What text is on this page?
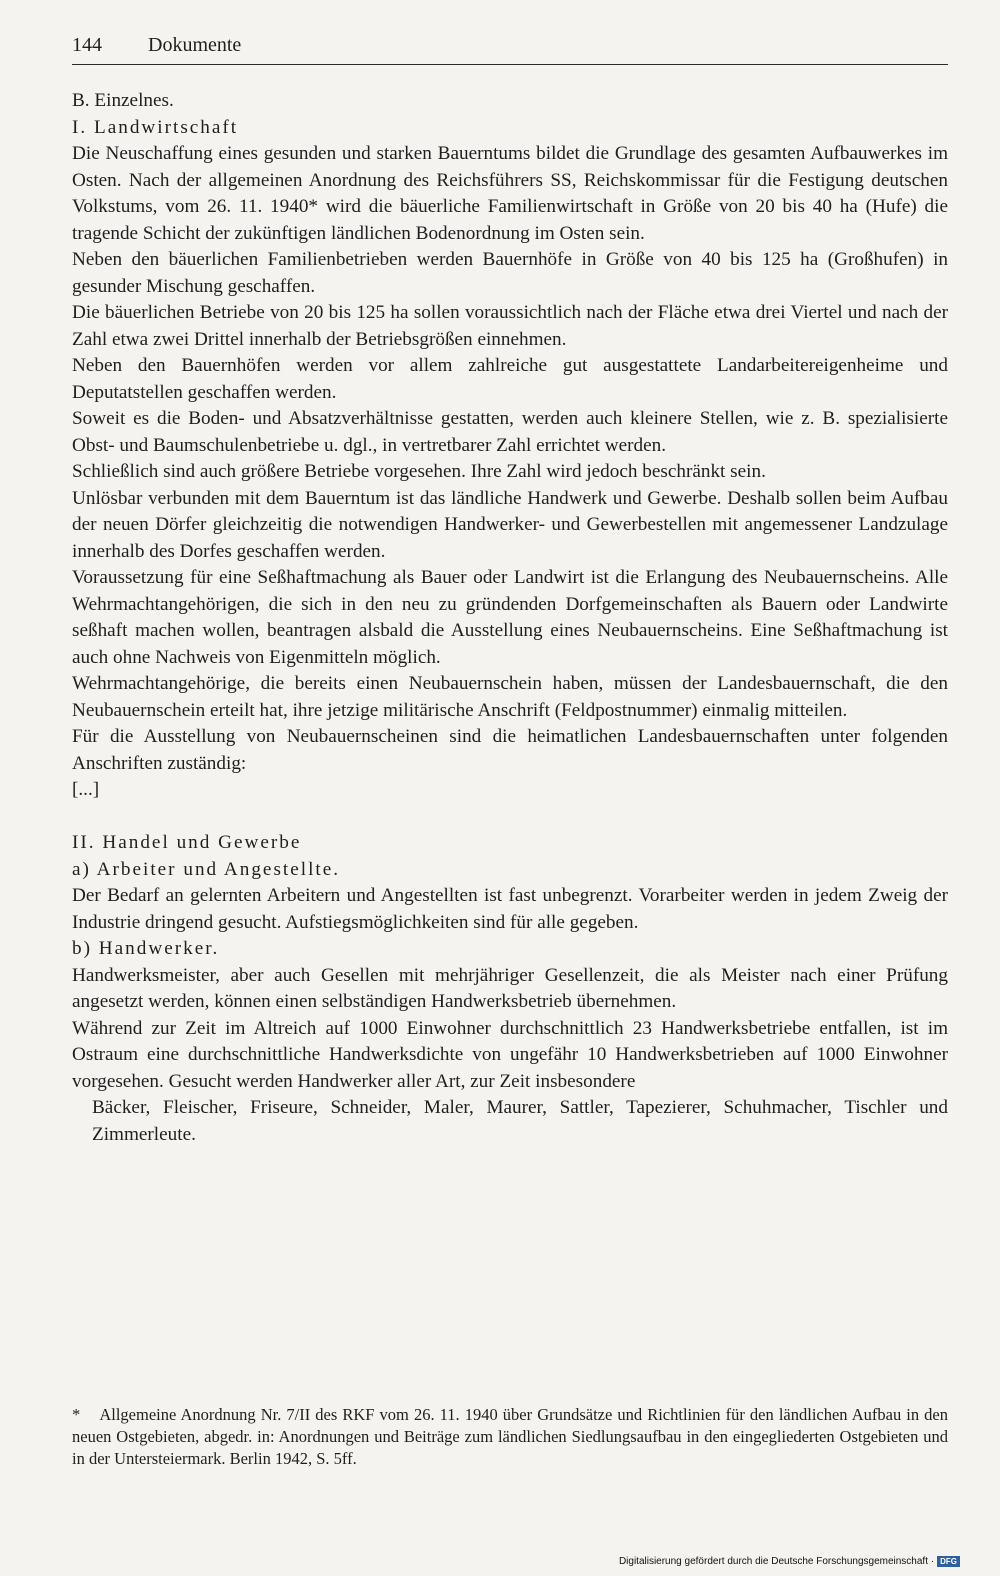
144 Dokumente

B. Einzelnes.

I. Landwirtschaft

Die Neuschaffung eines gesunden und starken Bauerntums bildet die Grundlage des gesamten Aufbauwerkes im Osten. Nach der allgemeinen Anordnung des Reichsführers SS, Reichskommissar für die Festigung deutschen Volkstums, vom 26. 11. 1940* wird die bäuerliche Familienwirtschaft in Größe von 20 bis 40 ha (Hufe) die tragende Schicht der zukünftigen ländlichen Bodenordnung im Osten sein.

Neben den bäuerlichen Familienbetrieben werden Bauernhöfe in Größe von 40 bis 125 ha (Großhufen) in gesunder Mischung geschaffen.

Die bäuerlichen Betriebe von 20 bis 125 ha sollen voraussichtlich nach der Fläche etwa drei Viertel und nach der Zahl etwa zwei Drittel innerhalb der Betriebsgrößen einnehmen.

Neben den Bauernhöfen werden vor allem zahlreiche gut ausgestattete Landarbeitereigenheime und Deputatstellen geschaffen werden.

Soweit es die Boden- und Absatzverhältnisse gestatten, werden auch kleinere Stellen, wie z. B. spezialisierte Obst- und Baumschulenbetriebe u. dgl., in vertretbarer Zahl errichtet werden.

Schließlich sind auch größere Betriebe vorgesehen. Ihre Zahl wird jedoch beschränkt sein.

Unlösbar verbunden mit dem Bauerntum ist das ländliche Handwerk und Gewerbe. Deshalb sollen beim Aufbau der neuen Dörfer gleichzeitig die notwendigen Handwerker- und Gewerbestellen mit angemessener Landzulage innerhalb des Dorfes geschaffen werden.

Voraussetzung für eine Seßhaftmachung als Bauer oder Landwirt ist die Erlangung des Neubauernscheins. Alle Wehrmachtangehörigen, die sich in den neu zu gründenden Dorfgemeinschaften als Bauern oder Landwirte seßhaft machen wollen, beantragen alsbald die Ausstellung eines Neubauernscheins. Eine Seßhaftmachung ist auch ohne Nachweis von Eigenmitteln möglich.

Wehrmachtangehörige, die bereits einen Neubauernschein haben, müssen der Landesbauernschaft, die den Neubauernschein erteilt hat, ihre jetzige militärische Anschrift (Feldpostnummer) einmalig mitteilen.

Für die Ausstellung von Neubauernscheinen sind die heimatlichen Landesbauernschaften unter folgenden Anschriften zuständig:

[...]

II. Handel und Gewerbe

a) Arbeiter und Angestellte.

Der Bedarf an gelernten Arbeitern und Angestellten ist fast unbegrenzt. Vorarbeiter werden in jedem Zweig der Industrie dringend gesucht. Aufstiegsmöglichkeiten sind für alle gegeben.

b) Handwerker.

Handwerksmeister, aber auch Gesellen mit mehrjähriger Gesellenzeit, die als Meister nach einer Prüfung angesetzt werden, können einen selbständigen Handwerksbetrieb übernehmen.

Während zur Zeit im Altreich auf 1000 Einwohner durchschnittlich 23 Handwerksbetriebe entfallen, ist im Ostraum eine durchschnittliche Handwerksdichte von ungefähr 10 Handwerksbetrieben auf 1000 Einwohner vorgesehen. Gesucht werden Handwerker aller Art, zur Zeit insbesondere

Bäcker, Fleischer, Friseure, Schneider, Maler, Maurer, Sattler, Tapezierer, Schuhmacher, Tischler und Zimmerleute.

* Allgemeine Anordnung Nr. 7/II des RKF vom 26. 11. 1940 über Grundsätze und Richtlinien für den ländlichen Aufbau in den neuen Ostgebieten, abgedr. in: Anordnungen und Beiträge zum ländlichen Siedlungsaufbau in den eingegliederten Ostgebieten und in der Untersteiermark. Berlin 1942, S. 5ff.
Digitalisierung gefördert durch die Deutsche Forschungsgemeinschaft · DFG
